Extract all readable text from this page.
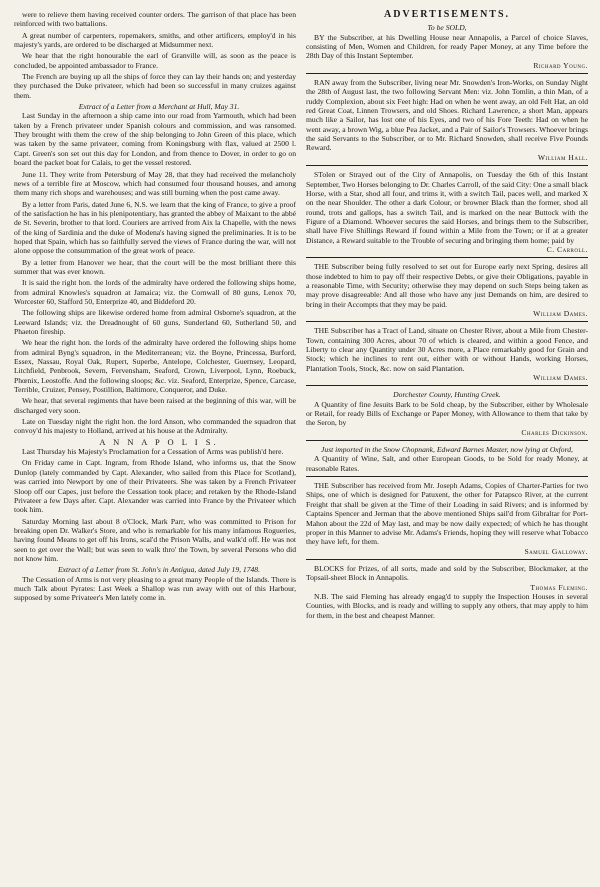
were to relieve them having received counter orders. The garrison of that place has been reinforced with two battalions.

A great number of carpenters, ropemakers, smiths, and other artificers, employ'd in his majesty's yards, are ordered to be discharged at Midsummer next.

We hear that the right honourable the earl of Granville will, as soon as the peace is concluded, be appointed ambassador to France.

The French are buying up all the ships of force they can lay their hands on; and yesterday they purchased the Duke privateer, which had been so successful in many cruizes against them.

Extract of a Letter from a Merchant at Hull, May 31.

Last Sunday in the afternoon a ship came into our road from Yarmouth, which had been taken by a French privateer under Spanish colours and commission, and was ransomed. They brought with them the crew of the ship belonging to John Green of this place, which was taken by the same privateer, coming from Koningsburg with flax, valued at 2500 l. Capt. Green's son set out this day for London, and from thence to Dover, in order to go on board the packet boat for Calais, to get the vessel restored.

June 11. They write from Petersburg of May 28, that they had received the melancholy news of a terrible fire at Moscow, which had consumed four thousand houses, and among them many rich shops and warehouses; and was still burning when the post came away.

By a letter from Paris, dated June 6, N.S. we learn that the king of France, to give a proof of the satisfaction he has in his plenipotentiary, has granted the abbey of Maixant to the abbé de St. Severin, brother to that lord. Couriers are arrived from Aix la Chapelle, with the news of the king of Sardinia and the duke of Modena's having signed the preliminaries. It is to be hoped that Spain, which has so faithfully served the views of France during the war, will not alone oppose the consummation of the great work of peace.

By a letter from Hanover we hear, that the court will be the most brilliant there this summer that was ever known.

It is said the right hon. the lords of the admiralty have ordered the following ships home, from admiral Knowles's squadron at Jamaica; viz. the Cornwall of 80 guns, Lenox 70, Worcester 60, Stafford 50, Enterprize 40, and Biddeford 20.

The following ships are likewise ordered home from admiral Osborne's squadron, at the Leeward Islands; viz. the Dreadnought of 60 guns, Sunderland 60, Sutherland 50, and Phaeton fireship.

We hear the right hon. the lords of the admiralty have ordered the following ships home from admiral Byng's squadron, in the Mediterranean; viz. the Boyne, Princessa, Burford, Essex, Nassau, Royal Oak, Rupert, Superbe, Antelope, Colchester, Guernsey, Leopard, Litchfield, Penbrook, Severn, Fervensham, Seaford, Crown, Liverpool, Lynn, Roebuck, Phœnix, Leostoffe. And the following sloops; &c. viz. Seaford, Enterprize, Spence, Carcase, Terrible, Cruizer, Pensey, Postillion, Baltimore, Conqueror, and Duke.

We hear, that several regiments that have been raised at the beginning of this war, will be discharged very soon.

Late on Tuesday night the right hon. the lord Anson, who commanded the squadron that convoy'd his majesty to Holland, arrived at his house at the Admiralty.

A N N A P O L I S.

Last Thursday his Majesty's Proclamation for a Cessation of Arms was publish'd here.

On Friday came in Capt. Ingram, from Rhode Island, who informs us, that the Snow Dunlop (lately commanded by Capt. Alexander, who sailed from this Place for Scotland), was carried into Newport by one of their Privateers. She was taken by a French Privateer Sloop off our Capes, just before the Cessation took place; and retaken by the Rhode-Island Privateer a few Days after. Capt. Alexander was carried into France by the Privateer which took him.

Saturday Morning last about 8 o'Clock, Mark Parr, who was committed to Prison for breaking open Dr. Walker's Store, and who is remarkable for his many infamous Rogueries, having found Means to get off his Irons, scal'd the Prison Walls, and walk'd off. He was not seen to get over the Wall; but was seen to walk thro' the Town, by several Persons who did not know him.

Extract of a Letter from St. John's in Antigua, dated July 19, 1748.

The Cessation of Arms is not very pleasing to a great many People of the Islands. There is much Talk about Pyrates: Last Week a Shallop was run away with out of this Harbour, supposed by some Privateer's Men lately come in.

ADVERTISEMENTS.

To be SOLD,

BY the Subscriber, at his Dwelling House near Annapolis, a Parcel of choice Slaves, consisting of Men, Women and Children, for ready Paper Money, at any Time before the 28th Day of this Instant September.

Richard Young.

RAN away from the Subscriber, living near Mr. Snowden's Iron-Works, on Sunday Night the 28th of August last, the two following Servant Men: viz. John Tomlin, a thin Man, of a ruddy Complexion, about six Feet high: Had on when he went away, an old Felt Hat, an old red Great Coat, Linnen Trowsers, and old Shoes. Richard Lawrence, a short Man, appears much like a Sailor, has lost one of his Eyes, and two of his Fore Teeth: Had on when he went away, a brown Wig, a blue Pea Jacket, and a Pair of Sailor's Trowsers. Whoever brings the said Servants to the Subscriber, or to Mr. Richard Snowden, shall receive Five Pounds Reward.

William Hall.

STolen or Strayed out of the City of Annapolis, on Tuesday the 6th of this Instant September, Two Horses belonging to Dr. Charles Carroll, of the said City: One a small black Horse, with a Star, shod all four, and trims it, with a switch Tail, paces well, and marked X on the near Shoulder. The other a dark Colour, or browner Black than the former, shod all round, trots and gallops, has a switch Tail, and is marked on the near Buttock with the Figure of a Diamond. Whoever secures the said Horses, and brings them to the Subscriber, shall have Five Shillings Reward if found within a Mile from the Town; or if at a greater Distance, a Reward suitable to the Trouble of securing and bringing them home; paid by

C. Carroll.

THE Subscriber being fully resolved to set out for Europe early next Spring, desires all those indebted to him to pay off their respective Debts, or give their Obligations, payable in a reasonable Time, with Security; otherwise they may depend on such Steps being taken as may prove disagreeable: And all those who have any just Demands on him, are desired to bring in their Accompts that they may be paid.

William Dames.

THE Subscriber has a Tract of Land, situate on Chester River, about a Mile from Chester-Town, containing 300 Acres, about 70 of which is cleared, and within a good Fence, and Liberty to clear any Quantity under 30 Acres more, a Place remarkably good for Grain and Stock; which he inclines to rent out, either with or without Hands, working Horses, Plantation Tools, Stock, &c. now on said Plantation.

William Dames.

Dorchester County, Hunting Creek.

A Quantity of fine Jesuits Bark to be Sold cheap, by the Subscriber, either by Wholesale or Retail, for ready Bills of Exchange or Paper Money, with Allowance to them that take by the Seron, by

Charles Dickinson.

Just imported in the Snow Chopnank, Edward Barnes Master, now lying at Oxford,

A Quantity of Wine, Salt, and other European Goods, to be Sold for ready Money, at reasonable Rates.

THE Subscriber has received from Mr. Joseph Adams, Copies of Charter-Parties for two Ships, one of which is designed for Patuxent, the other for Patapsco River, at the current Freight that shall be given at the Time of their Loading in said Rivers; and is informed by Captains Spencer and Jerman that the above mentioned Ships sail'd from Gibraltar for Port-Mahon about the 22d of May last, and may be now daily expected; of which he has thought proper in this Manner to advise Mr. Adams's Friends, hoping they will reserve what Tobacco they have left, for them.

Samuel Galloway.

BLOCKS for Prizes, of all sorts, made and sold by the Subscriber, Blockmaker, at the Topsail-sheet Block in Annapolis.

Thomas Fleming.

N.B. The said Fleming has already engag'd to supply the Inspection Houses in several Counties, with Blocks, and is ready and willing to supply any others, that may apply to him for them, in the best and cheapest Manner.
